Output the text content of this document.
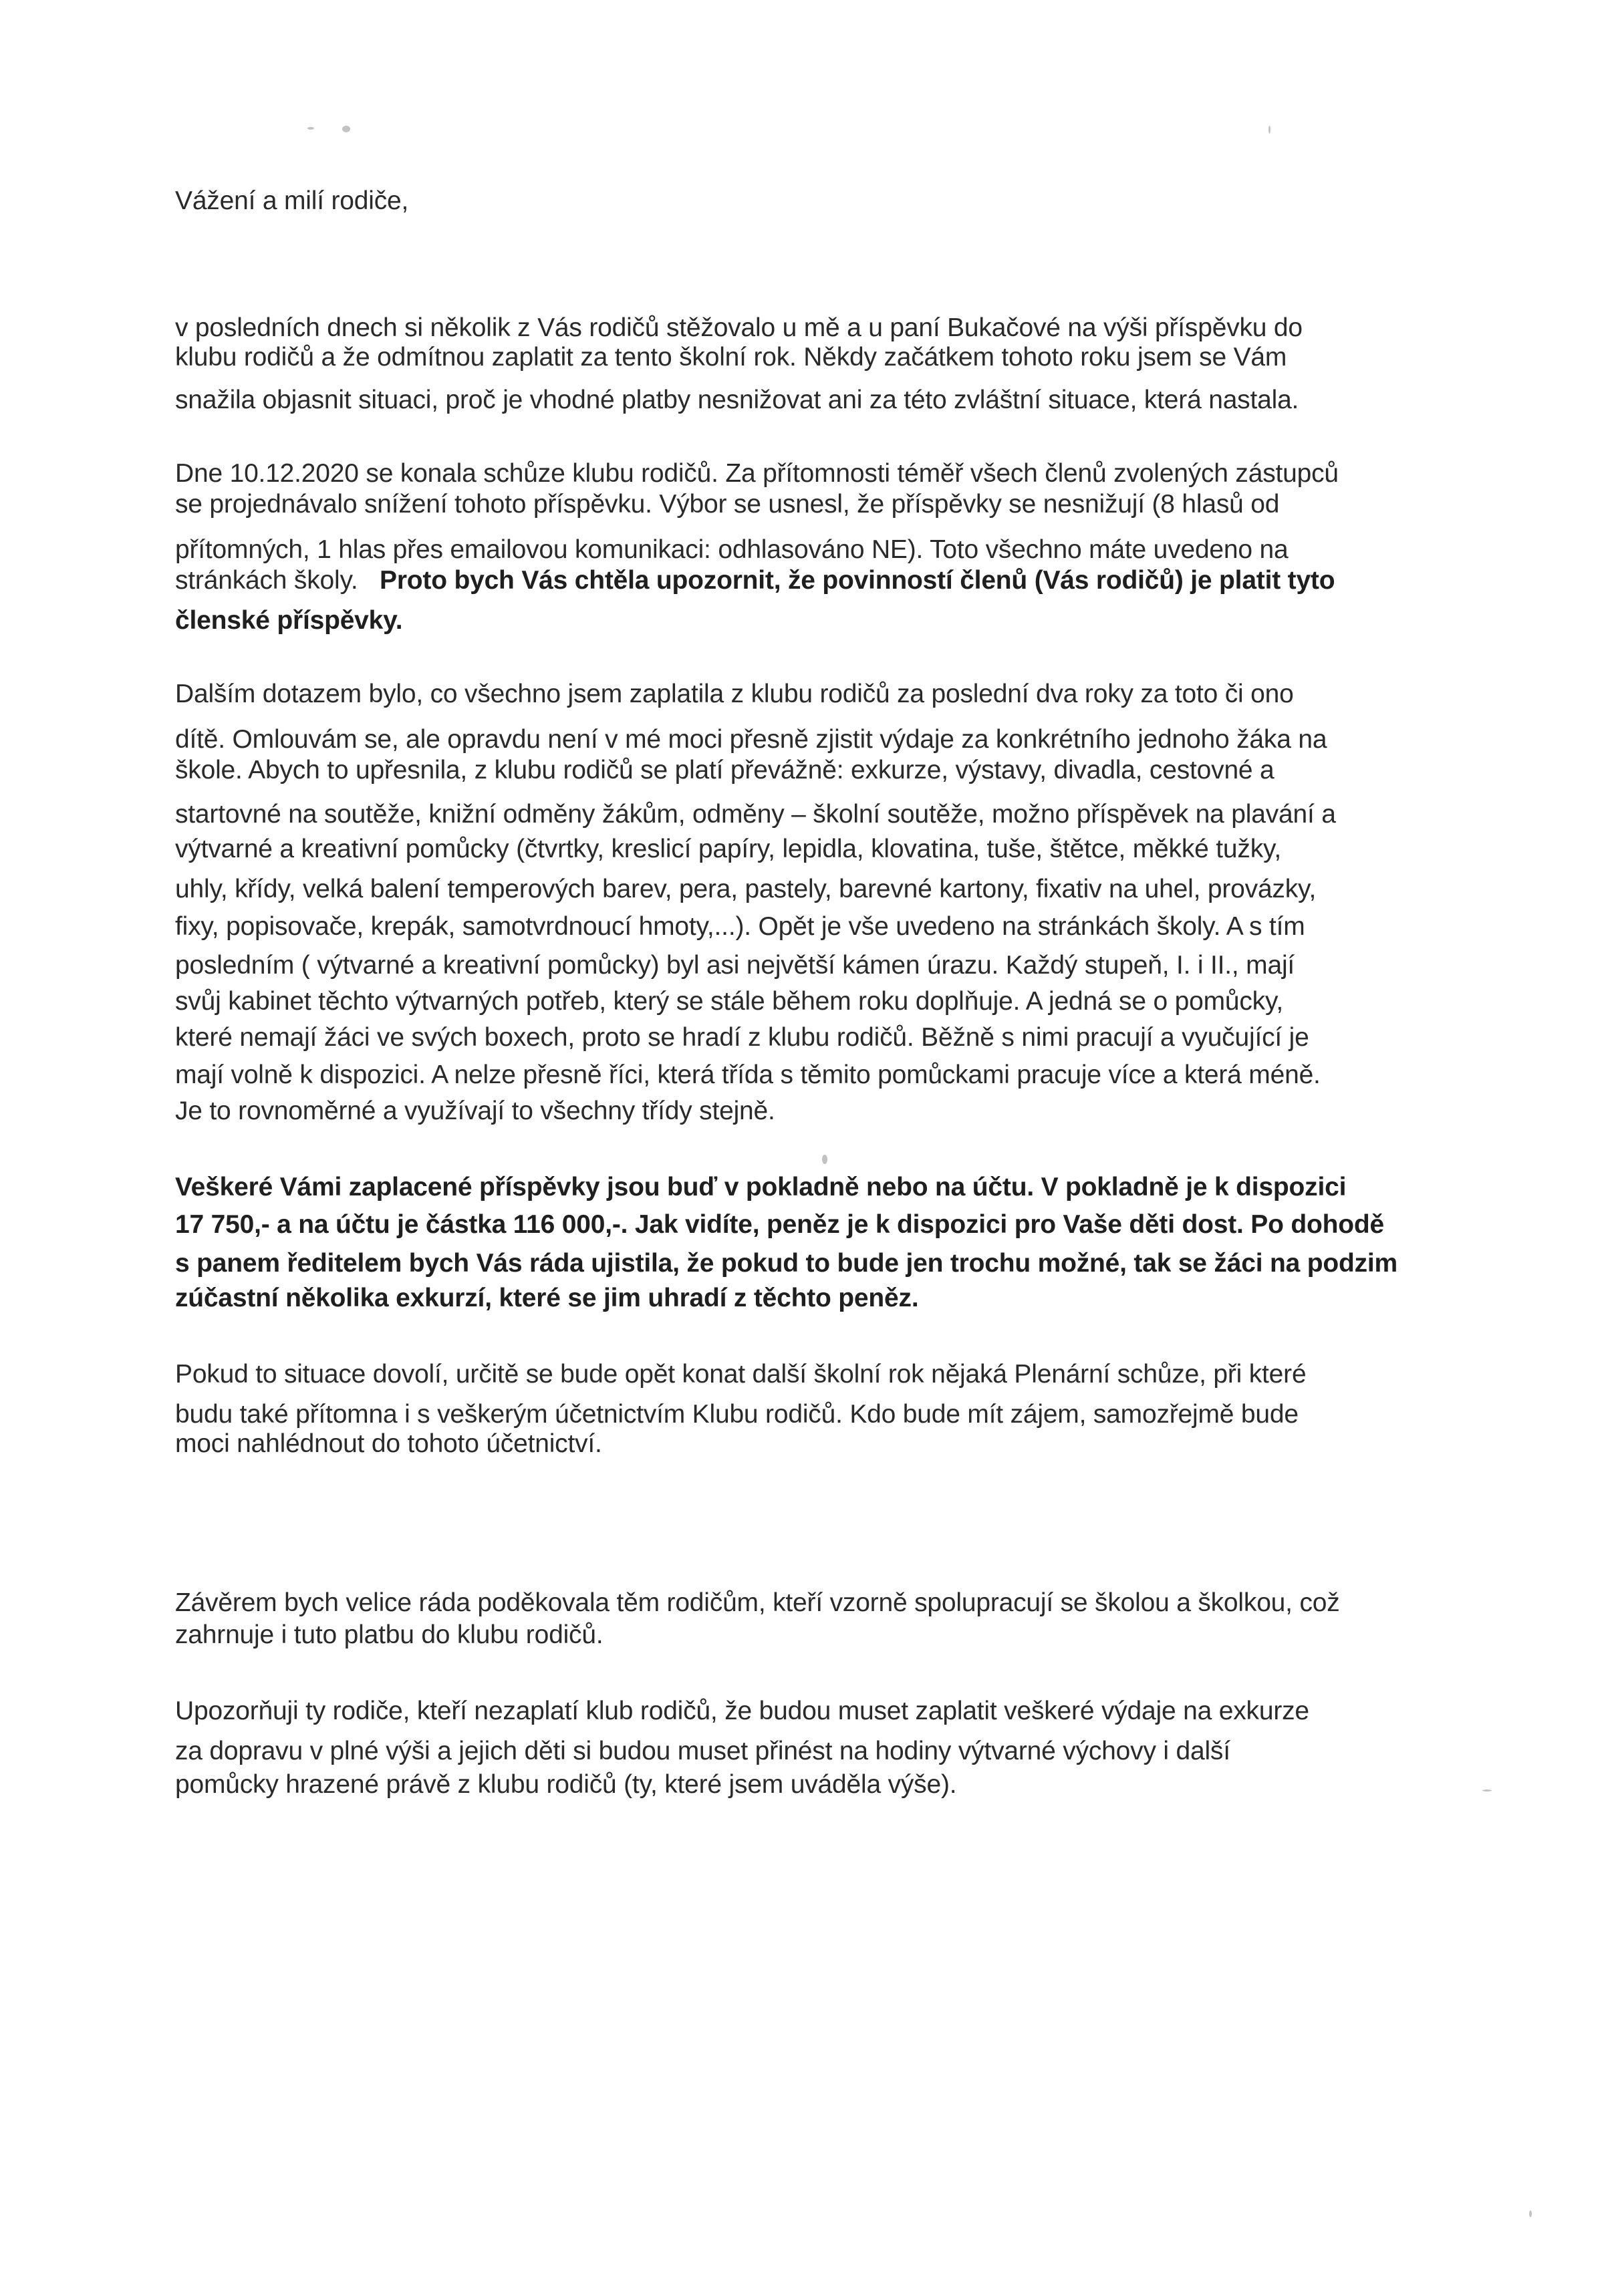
Vážení a milí rodiče,
v posledních dnech si několik z Vás rodičů stěžovalo u mě a u paní Bukačové na výši příspěvku do
klubu rodičů a že odmítnou zaplatit za tento školní rok. Někdy začátkem tohoto roku jsem se Vám
snažila objasnit situaci, proč je vhodné platby nesnižovat ani za této zvláštní situace, která nastala.
Dne 10.12.2020 se konala schůze klubu rodičů. Za přítomnosti téměř všech členů zvolených zástupců
se projednávalo snížení tohoto příspěvku. Výbor se usnesl, že příspěvky se nesnižují (8 hlasů od
přítomných, 1 hlas přes emailovou komunikaci: odhlasováno NE). Toto všechno máte uvedeno na
stránkách školy. Proto bych Vás chtěla upozornit, že povinností členů (Vás rodičů) je platit tyto
členské příspěvky.
Dalším dotazem bylo, co všechno jsem zaplatila z klubu rodičů za poslední dva roky za toto či ono
dítě. Omlouvám se, ale opravdu není v mé moci přesně zjistit výdaje za konkrétního jednoho žáka na
škole. Abych to upřesnila, z klubu rodičů se platí převážně: exkurze, výstavy, divadla, cestovné a
startovné na soutěže, knižní odměny žákům, odměny – školní soutěže, možno příspěvek na plavání a
výtvarné a kreativní pomůcky (čtvrtky, kreslicí papíry, lepidla, klovatina, tuše, štětce, měkké tužky,
uhly, křídy, velká balení temperových barev, pera, pastely, barevné kartony, fixativ na uhel, provázky,
fixy, popisovače, krepák, samotvrdnoucí hmoty,...). Opět je vše uvedeno na stránkách školy. A s tím
posledním ( výtvarné a kreativní pomůcky) byl asi největší kámen úrazu. Každý stupeň, I. i II., mají
svůj kabinet těchto výtvarných potřeb, který se stále během roku doplňuje. A jedná se o pomůcky,
které nemají žáci ve svých boxech, proto se hradí z klubu rodičů. Běžně s nimi pracují a vyučující je
mají volně k dispozici. A nelze přesně říci, která třída s těmito pomůckami pracuje více a která méně.
Je to rovnoměrné a využívají to všechny třídy stejně.
Veškeré Vámi zaplacené příspěvky jsou buď v pokladně nebo na účtu. V pokladně je k dispozici
17 750,- a na účtu je částka 116 000,-. Jak vidíte, peněz je k dispozici pro Vaše děti dost. Po dohodě
s panem ředitelem bych Vás ráda ujistila, že pokud to bude jen trochu možné, tak se žáci na podzim
zúčastní několika exkurzí, které se jim uhradí z těchto peněz.
Pokud to situace dovolí, určitě se bude opět konat další školní rok nějaká Plenární schůze, při které
budu také přítomna i s veškerým účetnictvím Klubu rodičů. Kdo bude mít zájem, samozřejmě bude
moci nahlédnout do tohoto účetnictví.
Závěrem bych velice ráda poděkovala těm rodičům, kteří vzorně spolupracují se školou a školkou, což
zahrnuje i tuto platbu do klubu rodičů.
Upozorňuji ty rodiče, kteří nezaplatí klub rodičů, že budou muset zaplatit veškeré výdaje na exkurze
za dopravu v plné výši a jejich děti si budou muset přinést na hodiny výtvarné výchovy i další
pomůcky hrazené právě z klubu rodičů (ty, které jsem uváděla výše).
